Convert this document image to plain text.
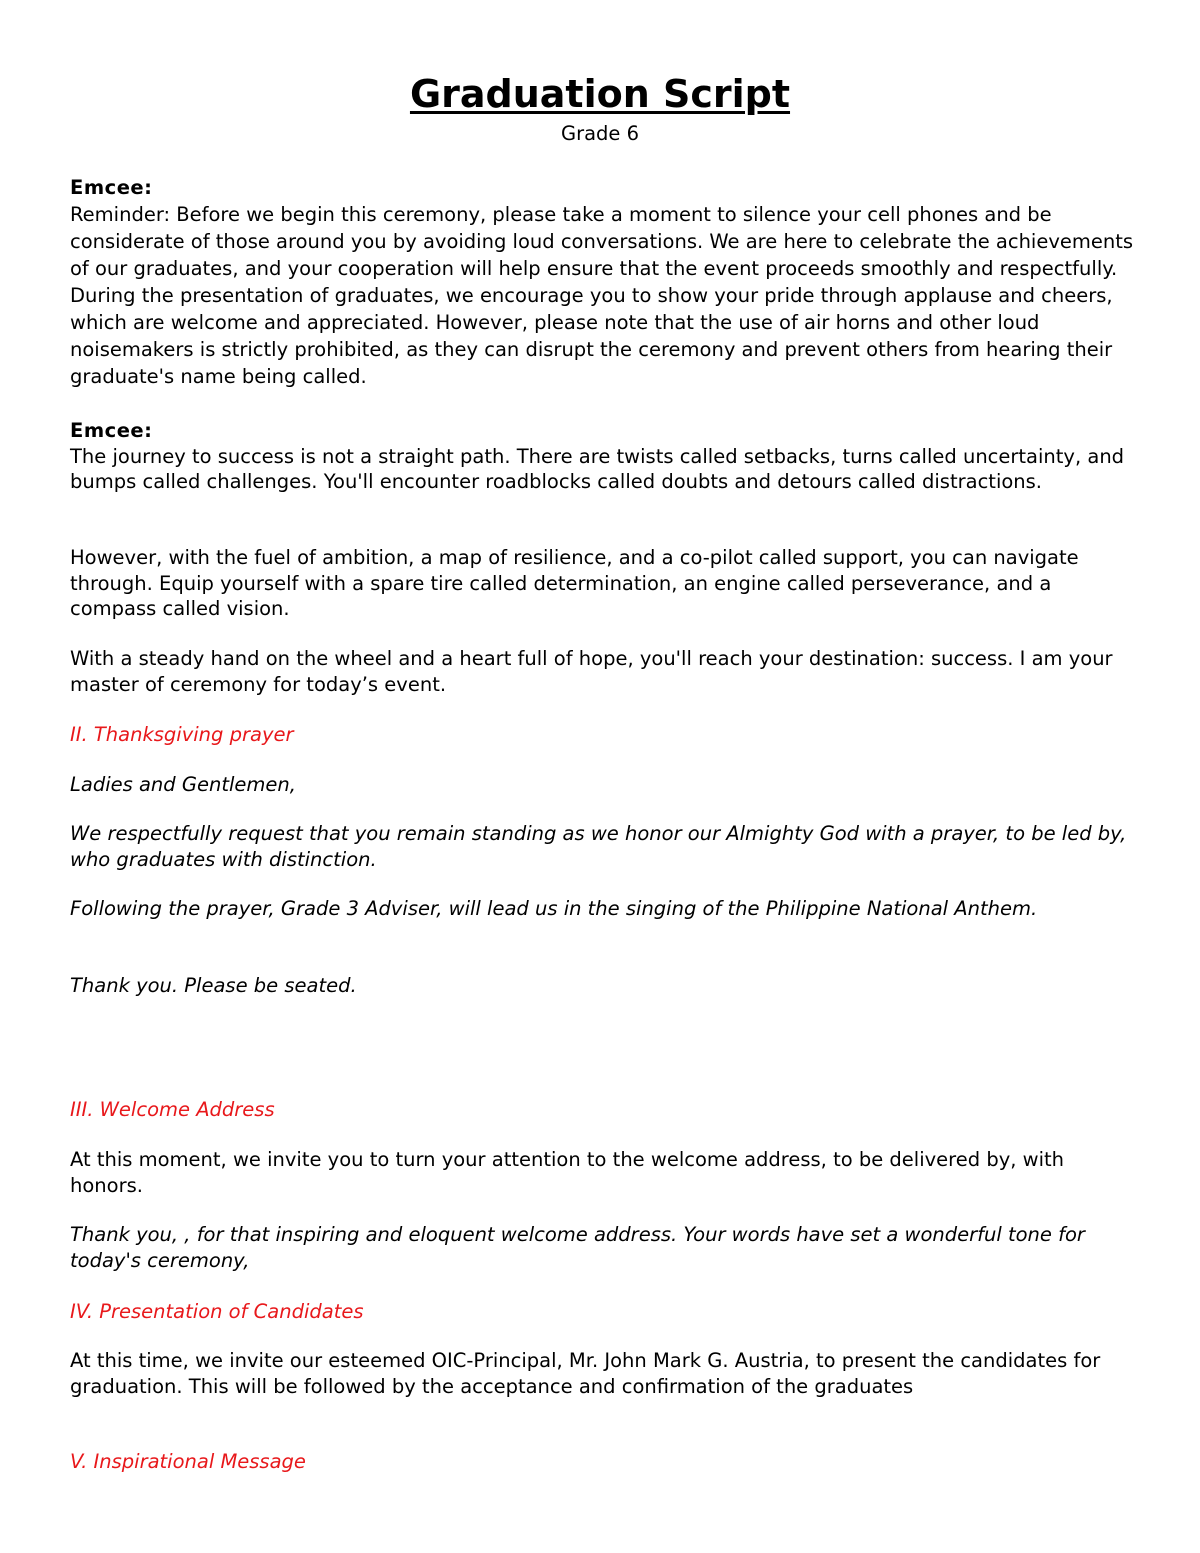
Graduation Script

Grade 6

Emcee:
Reminder: Before we begin this ceremony, please take a moment to silence your cell phones and be considerate of those around you by avoiding loud conversations. We are here to celebrate the achievements of our graduates, and your cooperation will help ensure that the event proceeds smoothly and respectfully. During the presentation of graduates, we encourage you to show your pride through applause and cheers, which are welcome and appreciated. However, please note that the use of air horns and other loud noisemakers is strictly prohibited, as they can disrupt the ceremony and prevent others from hearing their graduate's name being called.
Emcee:
The journey to success is not a straight path. There are twists called setbacks, turns called uncertainty, and bumps called challenges. You'll encounter roadblocks called doubts and detours called distractions.

However, with the fuel of ambition, a map of resilience, and a co-pilot called support, you can navigate through. Equip yourself with a spare tire called determination, an engine called perseverance, and a compass called vision.

With a steady hand on the wheel and a heart full of hope, you'll reach your destination: success. I am your master of ceremony for today’s event.

II. Thanksgiving prayer

Ladies and Gentlemen,

We respectfully request that you remain standing as we honor our Almighty God with a prayer, to be led by, who graduates with distinction.

Following the prayer, Grade 3 Adviser, will lead us in the singing of the Philippine National Anthem.

Thank you. Please be seated.

III. Welcome Address

At this moment, we invite you to turn your attention to the welcome address, to be delivered by, with honors.

Thank you, , for that inspiring and eloquent welcome address. Your words have set a wonderful tone for today's ceremony,

IV. Presentation of Candidates

At this time, we invite our esteemed OIC-Principal, Mr. John Mark G. Austria, to present the candidates for graduation. This will be followed by the acceptance and confirmation of the graduates

V. Inspirational Message
